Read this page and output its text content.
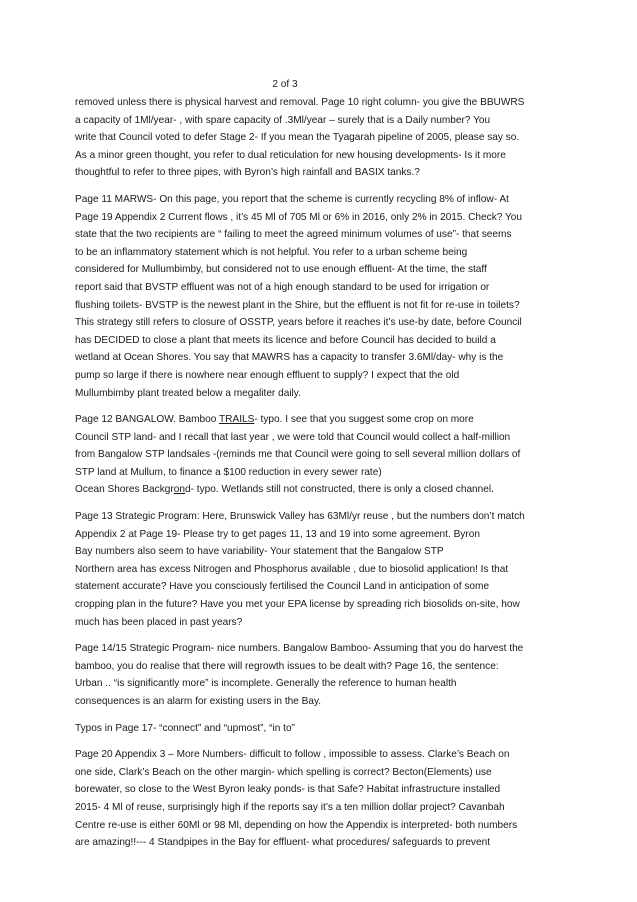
2 of 3

removed unless there is physical harvest and removal. Page 10 right column- you give the BBUWRS
a capacity of 1Ml/year- , with spare capacity of .3Ml/year – surely that is a Daily number? You
write that Council voted to defer Stage 2- If you mean the Tyagarah pipeline of 2005, please say so.
As a minor green thought, you refer to dual reticulation for new housing developments- Is it more
thoughtful to refer to three pipes, with Byron’s high rainfall and BASIX tanks.?

Page 11 MARWS- On this page, you report that the scheme is currently recycling 8% of inflow- At
Page 19 Appendix 2 Current flows , it’s 45 Ml of 705 Ml or 6% in 2016, only 2% in 2015. Check? You
state that the two recipients are “ failing to meet the agreed minimum volumes of use”- that seems
to be an inflammatory statement which is not helpful. You refer to a urban scheme being
considered for Mullumbimby, but considered not to use enough effluent- At the time, the staff
report said that BVSTP effluent was not of a high enough standard to be used for irrigation or
flushing toilets- BVSTP is the newest plant in the Shire, but the effluent is not fit for re-use in toilets?
This strategy still refers to closure of OSSTP, years before it reaches it’s use-by date, before Council
has DECIDED to close a plant that meets its licence and before Council has decided to build a
wetland at Ocean Shores. You say that MAWRS has a capacity to transfer 3.6Ml/day- why is the
pump so large if there is nowhere near enough effluent to supply? I expect that the old
Mullumbimby plant treated below a megaliter daily.

Page 12 BANGALOW. Bamboo TRAILS- typo. I see that you suggest some crop on more
Council STP land- and I recall that last year , we were told that Council would collect a half-million
from Bangalow STP landsales -(reminds me that Council were going to sell several million dollars of
STP land at Mullum, to finance a $100 reduction in every sewer rate)
Ocean Shores Backgrond- typo. Wetlands still not constructed, there is only a closed channel.

Page 13 Strategic Program: Here, Brunswick Valley has 63Ml/yr reuse , but the numbers don’t match
Appendix 2 at Page 19- Please try to get pages 11, 13 and 19 into some agreement. Byron
Bay numbers also seem to have variability- Your statement that the Bangalow STP
Northern area has excess Nitrogen and Phosphorus available , due to biosolid application! Is that
statement accurate? Have you consciously fertilised the Council Land in anticipation of some
cropping plan in the future? Have you met your EPA license by spreading rich biosolids on-site, how
much has been placed in past years?

Page 14/15 Strategic Program- nice numbers. Bangalow Bamboo- Assuming that you do harvest the
bamboo, you do realise that there will regrowth issues to be dealt with? Page 16, the sentence:
Urban .. “is significantly more” is incomplete. Generally the reference to human health
consequences is an alarm for existing users in the Bay.

Typos in Page 17- “connect” and “upmost”, “in to”

Page 20 Appendix 3 – More Numbers- difficult to follow , impossible to assess. Clarke’s Beach on
one side, Clark’s Beach on the other margin- which spelling is correct? Becton(Elements) use
borewater, so close to the West Byron leaky ponds- is that Safe? Habitat infrastructure installed
2015- 4 Ml of reuse, surprisingly high if the reports say it’s a ten million dollar project? Cavanbah
Centre re-use is either 60Ml or 98 Ml, depending on how the Appendix is interpreted- both numbers
are amazing!!--- 4 Standpipes in the Bay for effluent- what procedures/ safeguards to prevent
